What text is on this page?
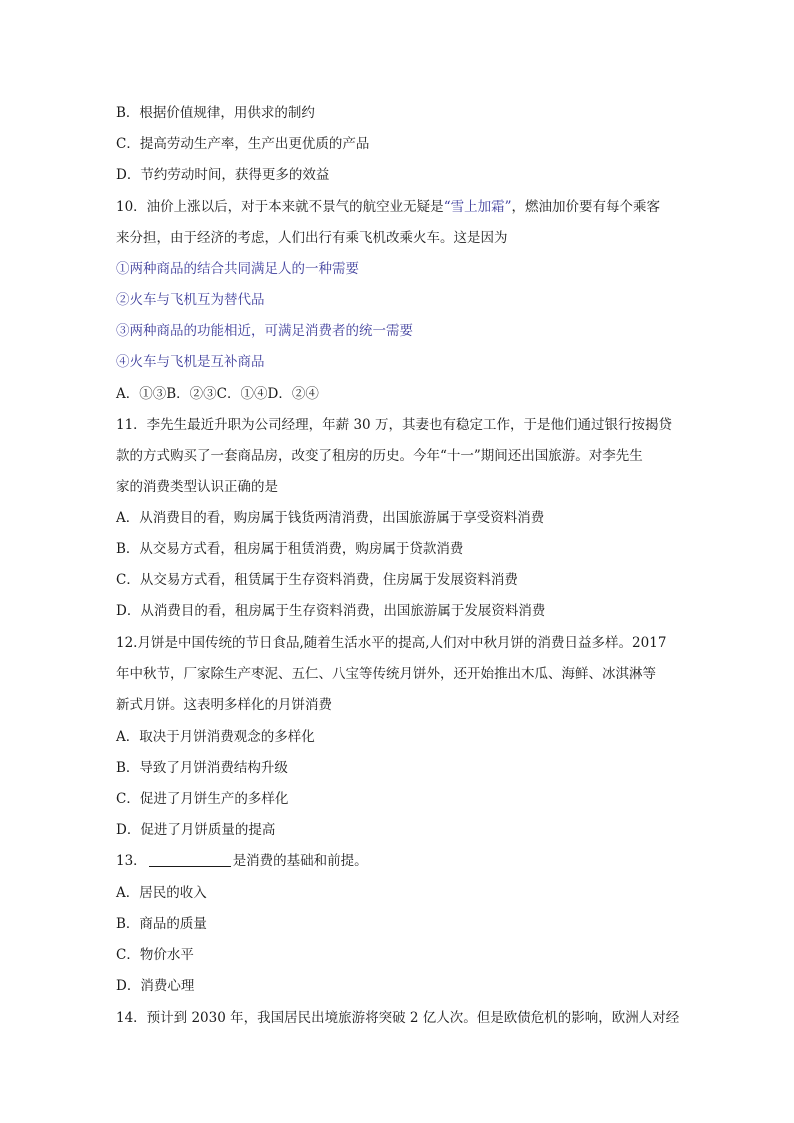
B．根据价值规律，用供求的制约
C．提高劳动生产率，生产出更优质的产品
D．节约劳动时间，获得更多的效益
10．油价上涨以后，对于本来就不景气的航空业无疑是“雪上加霜”，燃油加价要有每个乘客
来分担，由于经济的考虑，人们出行有乘飞机改乘火车。这是因为
①两种商品的结合共同满足人的一种需要
②火车与飞机互为替代品
③两种商品的功能相近，可满足消费者的统一需要
④火车与飞机是互补商品
A．①③B．②③C．①④D．②④
11．李先生最近升职为公司经理，年薪 30 万，其妻也有稳定工作，于是他们通过银行按揭贷
款的方式购买了一套商品房，改变了租房的历史。今年“十一”期间还出国旅游。对李先生
家的消费类型认识正确的是
A．从消费目的看，购房属于钱货两清消费，出国旅游属于享受资料消费
B．从交易方式看，租房属于租赁消费，购房属于贷款消费
C．从交易方式看，租赁属于生存资料消费，住房属于发展资料消费
D．从消费目的看，租房属于生存资料消费，出国旅游属于发展资料消费
12.月饼是中国传统的节日食品,随着生活水平的提高,人们对中秋月饼的消费日益多样。2017
年中秋节，厂家除生产枣泥、五仁、八宝等传统月饼外，还开始推出木瓜、海鲜、冰淇淋等
新式月饼。这表明多样化的月饼消费
A．取决于月饼消费观念的多样化
B．导致了月饼消费结构升级
C．促进了月饼生产的多样化
D．促进了月饼质量的提高
13．	是消费的基础和前提。
A．居民的收入
B．商品的质量
C．物价水平
D．消费心理
14．预计到 2030 年，我国居民出境旅游将突破 2 亿人次。但是欧债危机的影响，欧洲人对经
